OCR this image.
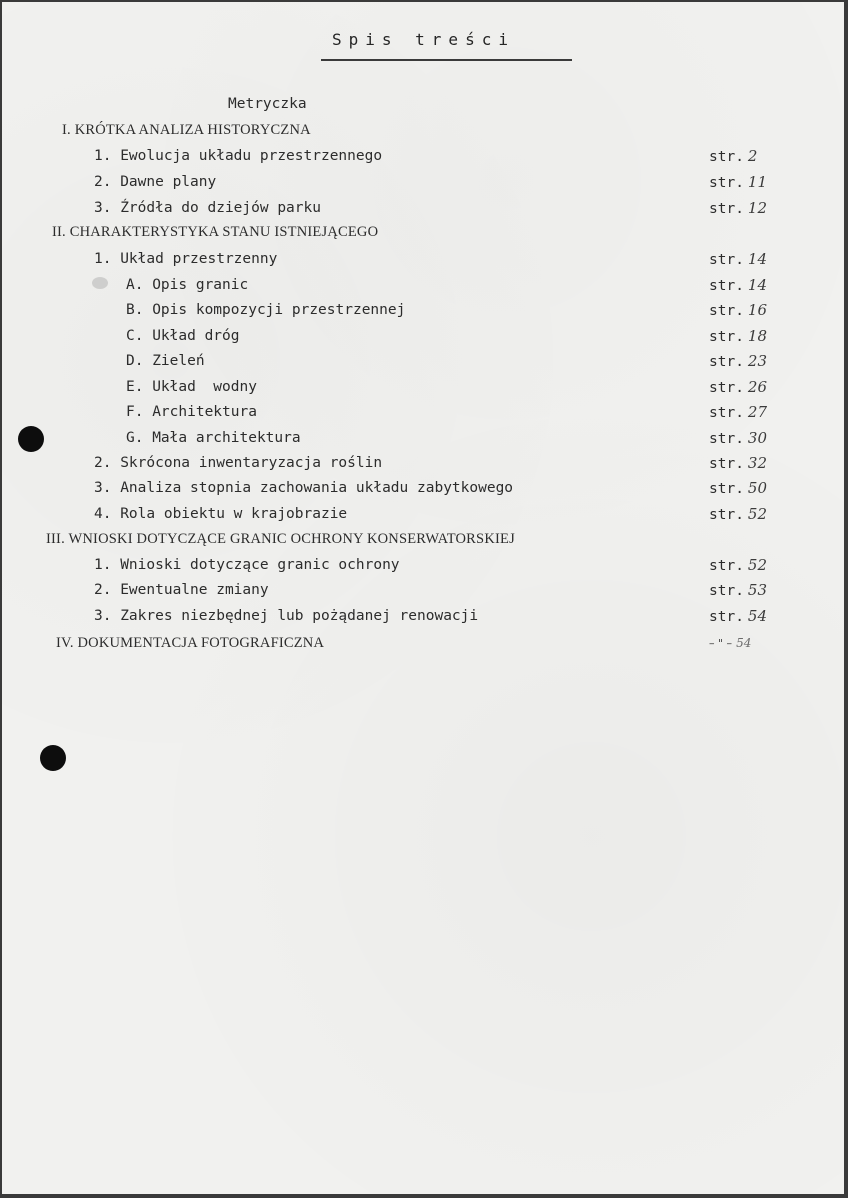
Spis treści
Metryczka
I. KRÓTKA ANALIZA HISTORYCZNA
1. Ewolucja układu przestrzennego	str. 2
2. Dawne plany	str. 11
3. Źródła do dziejów parku	str. 12
II. CHARAKTERYSTYKA STANU ISTNIEJĄCEGO
1. Układ przestrzenny	str. 14
A. Opis granic	str. 14
B. Opis kompozycji przestrzennej	str. 16
C. Układ dróg	str. 18
D. Zieleń	str. 23
E. Układ  wodny	str. 26
F. Architektura	str. 27
G. Mała architektura	str. 30
2. Skrócona inwentaryzacja roślin	str. 32
3. Analiza stopnia zachowania układu zabytkowego	str. 50
4. Rola obiektu w krajobrazie	str. 52
III. WNIOSKI DOTYCZĄCE GRANIC OCHRONY KONSERWATORSKIEJ
1. Wnioski dotyczące granic ochrony	str. 52
2. Ewentualne zmiany	str. 53
3. Zakres niezbędnej lub pożądanej renowacji	str. 54
IV. DOKUMENTACJA FOTOGRAFICZNA	– " – 54
